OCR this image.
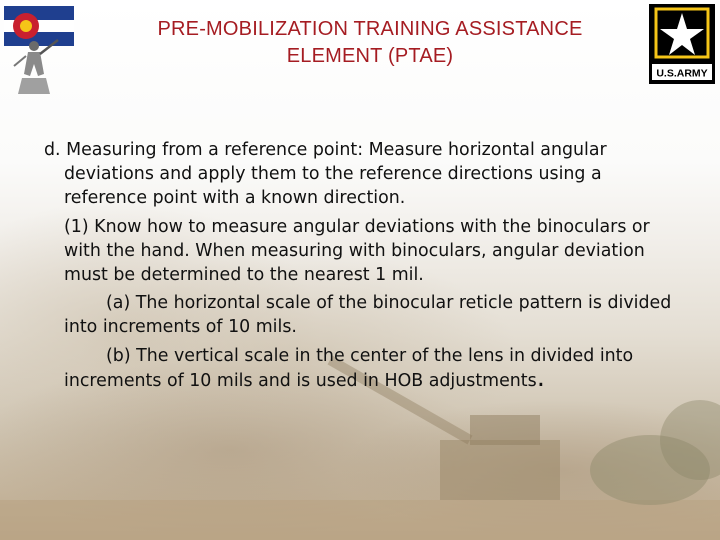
PRE-MOBILIZATION TRAINING ASSISTANCE
ELEMENT (PTAE)
U.S.ARMY

d. Measuring from a reference point: Measure horizontal angular deviations and apply them to the reference directions using a reference point with a known direction.

(1) Know how to measure angular deviations with the binoculars or with the hand. When measuring with binoculars, angular deviation must be determined to the nearest 1 mil.

(a) The horizontal scale of the binocular reticle pattern is divided into increments of 10 mils.

(b) The vertical scale in the center of the lens in divided into increments of 10 mils and is used in HOB adjustments.
